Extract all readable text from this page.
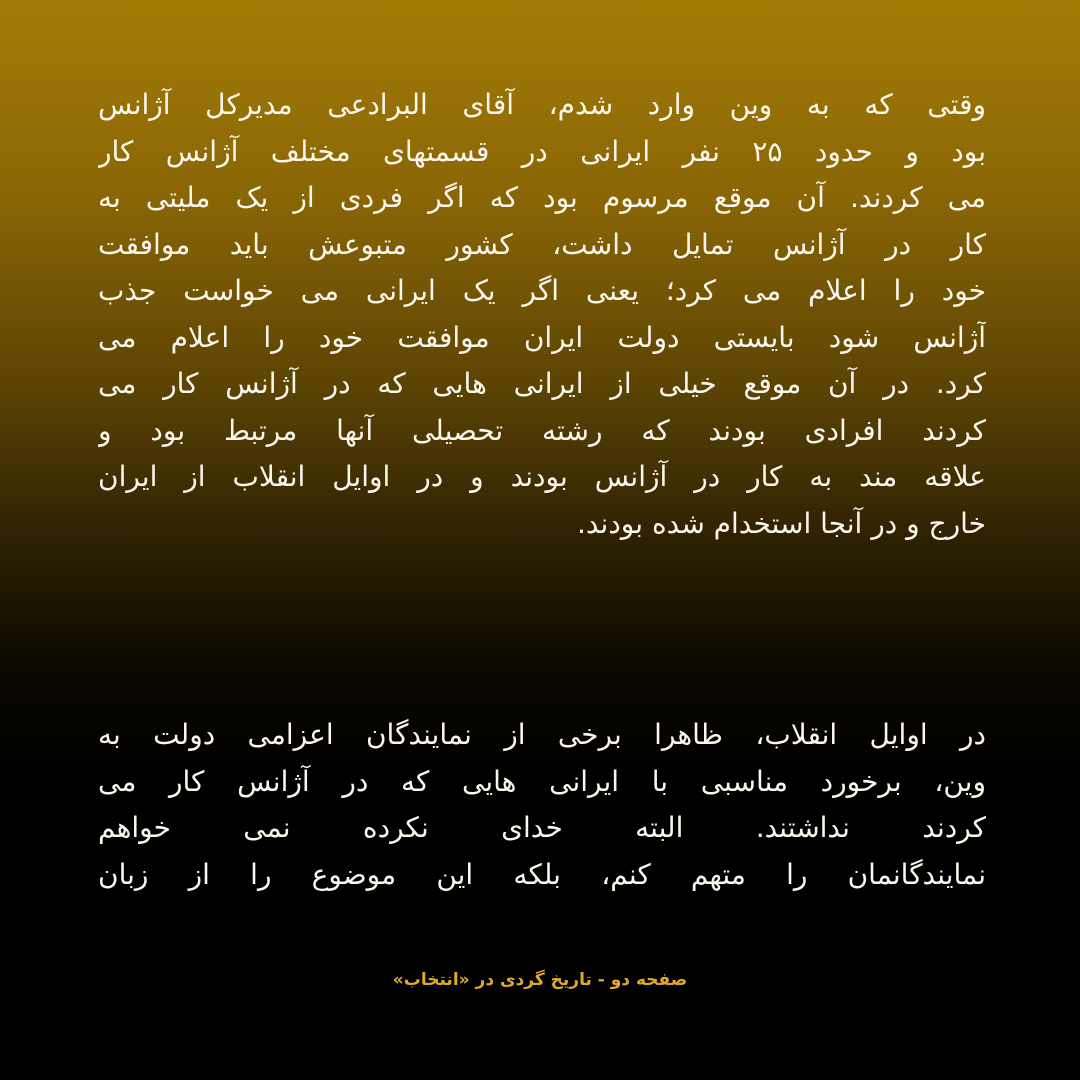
وقتی که به وین وارد شدم، آقای البرادعی مدیرکل آژانس
بود و حدود ۲۵ نفر ایرانی در قسمتهای مختلف آژانس کار
می کردند. آن موقع مرسوم بود که اگر فردی از یک ملیتی به
کار در آژانس تمایل داشت، کشور متبوعش باید موافقت
خود را اعلام می کرد؛ یعنی اگر یک ایرانی می خواست جذب
آژانس شود بایستی دولت ایران موافقت خود را اعلام می
کرد. در آن موقع خیلی از ایرانی هایی که در آژانس کار می
کردند افرادی بودند که رشته تحصیلی آنها مرتبط بود و
علاقه مند به کار در آژانس بودند و در اوایل انقلاب از ایران
خارج و در آنجا استخدام شده بودند.
در اوایل انقلاب، ظاهرا برخی از نمایندگان اعزامی دولت به
وین، برخورد مناسبی با ایرانی هایی که در آژانس کار می
کردند نداشتند. البته خدای نکرده نمی خواهم
نمایندگانمان را متهم کنم، بلکه این موضوع را از زبان
صفحه دو - تاریخ گردی در «انتخاب»
